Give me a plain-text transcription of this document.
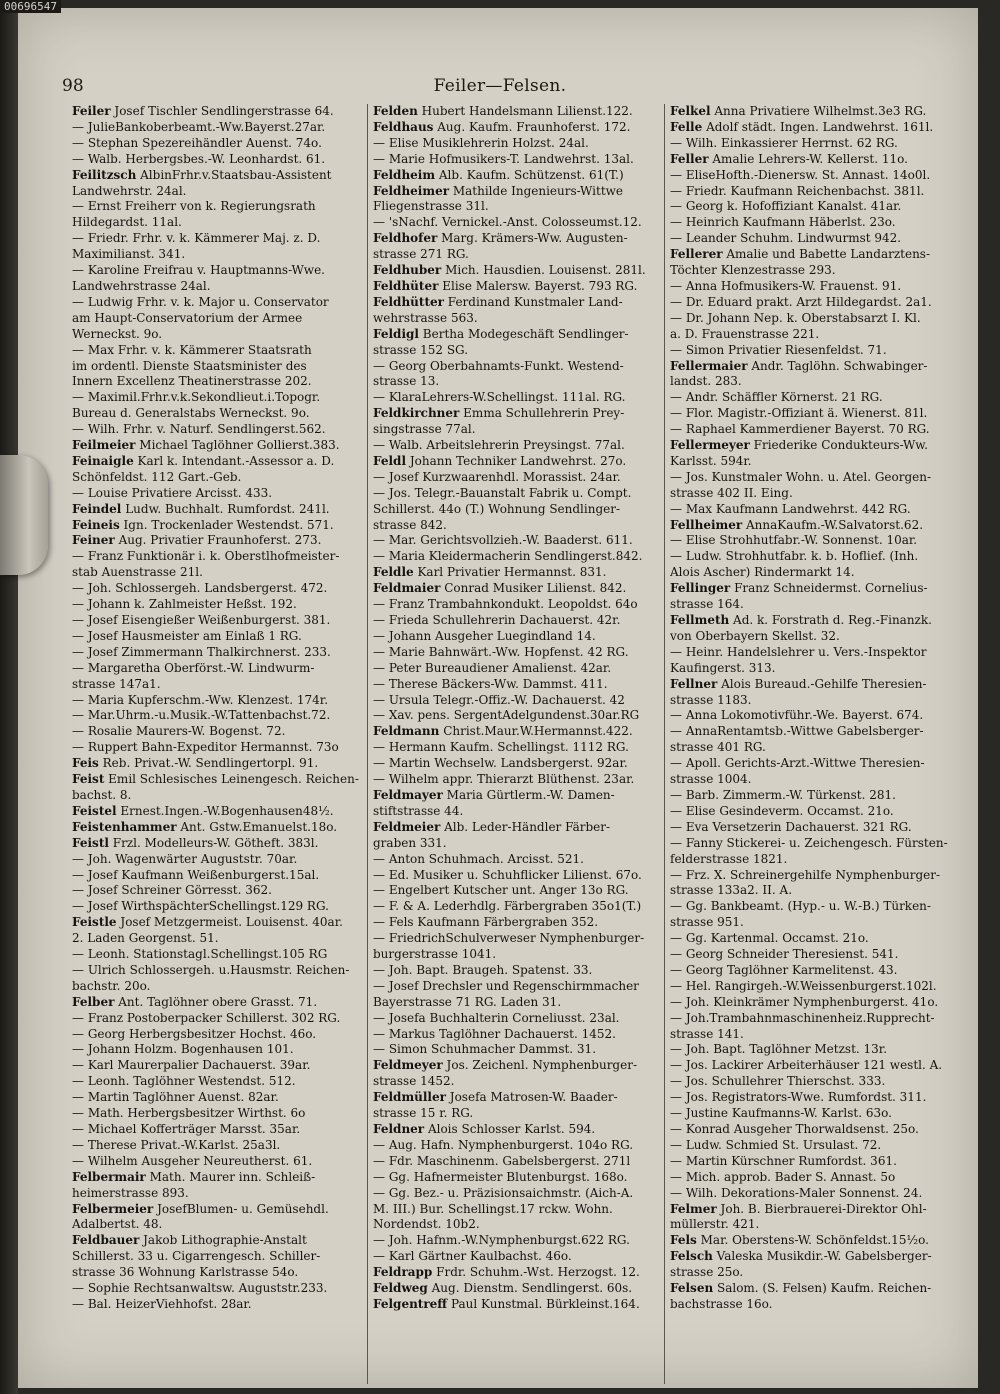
00696547
98	Feiler—Felsen.
Feiler Josef Tischler Sendlingerstrasse 64.
— JulieBankoberbeamt.-Ww.Bayerst.27ar.
— Stephan Spezereihändler Auenst. 74o.
— Walb. Herbergsbes.-W. Leonhardst. 61.
Feilitzsch AlbinFrhr.v.Staatsbau-Assistent
Landwehrstr. 24al.
— Ernst Freiherr von k. Regierungsrath
Hildegardst. 11al.
— Friedr. Frhr. v. k. Kämmerer Maj. z. D.
Maximilianst. 341.
— Karoline Freifrau v. Hauptmanns-Wwe.
Landwehrstrasse 24al.
— Ludwig Frhr. v. k. Major u. Conservator
am Haupt-Conservatorium der Armee
Werneckst. 9o.
— Max Frhr. v. k. Kämmerer Staatsrath
im ordentl. Dienste Staatsminister des
Innern Excellenz Theatinerstrasse 202.
— Maximil.Frhr.v.k.Sekondlieut.i.Topogr.
Bureau d. Generalstabs Werneckst. 9o.
— Wilh. Frhr. v. Naturf. Sendlingerst.562.
Feilmeier Michael Taglöhner Gollierst.383.
Feinaigle Karl k. Intendant.-Assessor a. D.
Schönfeldst. 112 Gart.-Geb.
— Louise Privatiere Arcisst. 433.
Feindel Ludw. Buchhalt. Rumfordst. 241l.
Feineis Ign. Trockenlader Westendst. 571.
Feiner Aug. Privatier Fraunhoferst. 273.
— Franz Funktionär i. k. Oberstlhofmeister-
stab Auenstrasse 21l.
— Joh. Schlossergeh. Landsbergerst. 472.
— Johann k. Zahlmeister Heßst. 192.
— Josef Eisengießer Weißenburgerst. 381.
— Josef Hausmeister am Einlaß 1 RG.
— Josef Zimmermann Thalkirchnerst. 233.
— Margaretha Oberförst.-W. Lindwurm-
strasse 147a1.
— Maria Kupferschm.-Ww. Klenzest. 174r.
— Mar.Uhrm.-u.Musik.-W.Tattenbachst.72.
— Rosalie Maurers-W. Bogenst. 72.
— Ruppert Bahn-Expeditor Hermannst. 73o
Feis Reb. Privat.-W. Sendlingertorpl. 91.
Feist Emil Schlesisches Leinengesch. Reichen-
bachst. 8.
Feistel Ernest.Ingen.-W.Bogenhausen48½.
Feistenhammer Ant. Gstw.Emanuelst.18o.
Feistl Frzl. Modelleurs-W. Götheft. 383l.
— Joh. Wagenwärter Auguststr. 70ar.
— Josef Kaufmann Weißenburgerst.15al.
— Josef Schreiner Görresst. 362.
— Josef WirthspächterSchellingst.129 RG.
Feistle Josef Metzgermeist. Louisenst. 40ar.
2. Laden Georgenst. 51.
— Leonh. Stationstagl.Schellingst.105 RG
— Ulrich Schlossergeh. u.Hausmstr. Reichen-
bachstr. 20o.
Felber Ant. Taglöhner obere Grasst. 71.
— Franz Postoberpacker Schillerst. 302 RG.
— Georg Herbergsbesitzer Hochst. 46o.
— Johann Holzm. Bogenhausen 101.
— Karl Maurerpalier Dachauerst. 39ar.
— Leonh. Taglöhner Westendst. 512.
— Martin Taglöhner Auenst. 82ar.
— Math. Herbergsbesitzer Wirthst. 6o
— Michael Kofferträger Marsst. 35ar.
— Therese Privat.-W.Karlst. 25a3l.
— Wilhelm Ausgeher Neureutherst. 61.
Felbermair Math. Maurer inn. Schleiß-
heimerstrasse 893.
Felbermeier JosefBlumen- u. Gemüsehdl.
Adalbertst. 48.
Feldbauer Jakob Lithographie-Anstalt
Schillerst. 33 u. Cigarrengesch. Schiller-
strasse 36 Wohnung Karlstrasse 54o.
— Sophie Rechtsanwaltsw. Auguststr.233.
— Bal. HeizerViehhofst. 28ar.
Felden Hubert Handelsmann Lilienst.122.
Feldhaus Aug. Kaufm. Fraunhoferst. 172.
— Elise Musiklehrerin Holzst. 24al.
— Marie Hofmusikers-T. Landwehrst. 13al.
Feldheim Alb. Kaufm. Schützenst. 61(T.)
Feldheimer Mathilde Ingenieurs-Wittwe
Fliegenstrasse 31l.
— 'sNachf. Vernickel.-Anst. Colosseumst.12.
Feldhofer Marg. Krämers-Ww. Augusten-
strasse 271 RG.
Feldhuber Mich. Hausdien. Louisenst. 281l.
Feldhüter Elise Malersw. Bayerst. 793 RG.
Feldhütter Ferdinand Kunstmaler Land-
wehrstrasse 563.
Feldigl Bertha Modegeschäft Sendlinger-
strasse 152 SG.
— Georg Oberbahnamts-Funkt. Westend-
strasse 13.
— KlaraLehrers-W.Schellingst. 111al. RG.
Feldkirchner Emma Schullehrerin Prey-
singstrasse 77al.
— Walb. Arbeitslehrerin Preysingst. 77al.
Feldl Johann Techniker Landwehrst. 27o.
— Josef Kurzwaarenhdl. Morassist. 24ar.
— Jos. Telegr.-Bauanstalt Fabrik u. Compt.
Schillerst. 44o (T.) Wohnung Sendlinger-
strasse 842.
— Mar. Gerichtsvollzieh.-W. Baaderst. 611.
— Maria Kleidermacherin Sendlingerst.842.
Feldle Karl Privatier Hermannst. 831.
Feldmaier Conrad Musiker Lilienst. 842.
— Franz Trambahnkondukt. Leopoldst. 64o
— Frieda Schullehrerin Dachauerst. 42r.
— Johann Ausgeher Luegindland 14.
— Marie Bahnwärt.-Ww. Hopfenst. 42 RG.
— Peter Bureaudiener Amalienst. 42ar.
— Therese Bäckers-Ww. Dammst. 411.
— Ursula Telegr.-Offiz.-W. Dachauerst. 42
— Xav. pens. SergentAdelgundenst.30ar.RG
Feldmann Christ.Maur.W.Hermannst.422.
— Hermann Kaufm. Schellingst. 1112 RG.
— Martin Wechselw. Landsbergerst. 92ar.
— Wilhelm appr. Thierarzt Blüthenst. 23ar.
Feldmayer Maria Gürtlerm.-W. Damen-
stiftstrasse 44.
Feldmeier Alb. Leder-Händler Färber-
graben 331.
— Anton Schuhmach. Arcisst. 521.
— Ed. Musiker u. Schuhflicker Lilienst. 67o.
— Engelbert Kutscher unt. Anger 13o RG.
— F. & A. Lederhdlg. Färbergraben 35o1(T.)
— Fels Kaufmann Färbergraben 352.
— FriedrichSchulverweser Nymphenburger-
burgerstrasse 1041.
— Joh. Bapt. Braugeh. Spatenst. 33.
— Josef Drechsler und Regenschirmmacher
Bayerstrasse 71 RG. Laden 31.
— Josefa Buchhalterin Corneliusst. 23al.
— Markus Taglöhner Dachauerst. 1452.
— Simon Schuhmacher Dammst. 31.
Feldmeyer Jos. Zeichenl. Nymphenburger-
strasse 1452.
Feldmüller Josefa Matrosen-W. Baader-
strasse 15 r. RG.
Feldner Alois Schlosser Karlst. 594.
— Aug. Hafn. Nymphenburgerst. 104o RG.
— Fdr. Maschinenm. Gabelsbergerst. 271l
— Gg. Hafnermeister Blutenburgst. 168o.
— Gg. Bez.- u. Präzisionsaichmstr. (Aich-A.
M. III.) Bur. Schellingst.17 rckw. Wohn.
Nordendst. 10b2.
— Joh. Hafnm.-W.Nymphenburgst.622 RG.
— Karl Gärtner Kaulbachst. 46o.
Feldrapp Frdr. Schuhm.-Wst. Herzogst. 12.
Feldweg Aug. Dienstm. Sendlingerst. 60s.
Felgentreff Paul Kunstmal. Bürkleinst.164.
Felkel Anna Privatiere Wilhelmst.3e3 RG.
Felle Adolf städt. Ingen. Landwehrst. 161l.
— Wilh. Einkassierer Herrnst. 62 RG.
Feller Amalie Lehrers-W. Kellerst. 11o.
— EliseHofth.-Dienersw. St. Annast. 14o0l.
— Friedr. Kaufmann Reichenbachst. 381l.
— Georg k. Hofoffiziant Kanalst. 41ar.
— Heinrich Kaufmann Häberlst. 23o.
— Leander Schuhm. Lindwurmst 942.
Fellerer Amalie und Babette Landarztens-
Töchter Klenzestrasse 293.
— Anna Hofmusikers-W. Frauenst. 91.
— Dr. Eduard prakt. Arzt Hildegardst. 2a1.
— Dr. Johann Nep. k. Oberstabsarzt I. Kl.
a. D. Frauenstrasse 221.
— Simon Privatier Riesenfeldst. 71.
Fellermaier Andr. Taglöhn. Schwabinger-
landst. 283.
— Andr. Schäffler Körnerst. 21 RG.
— Flor. Magistr.-Offiziant ä. Wienerst. 81l.
— Raphael Kammerdiener Bayerst. 70 RG.
Fellermeyer Friederike Condukteurs-Ww.
Karlsst. 594r.
— Jos. Kunstmaler Wohn. u. Atel. Georgen-
strasse 402 II. Eing.
— Max Kaufmann Landwehrst. 442 RG.
Fellheimer AnnaKaufm.-W.Salvatorst.62.
— Elise Strohhutfabr.-W. Sonnenst. 10ar.
— Ludw. Strohhutfabr. k. b. Hoflief. (Inh.
Alois Ascher) Rindermarkt 14.
Fellinger Franz Schneidermst. Cornelius-
strasse 164.
Fellmeth Ad. k. Forstrath d. Reg.-Finanzk.
von Oberbayern Skellst. 32.
— Heinr. Handelslehrer u. Vers.-Inspektor
Kaufingerst. 313.
Fellner Alois Bureaud.-Gehilfe Theresien-
strasse 1183.
— Anna Lokomotivführ.-We. Bayerst. 674.
— AnnaRentamtsb.-Wittwe Gabelsberger-
strasse 401 RG.
— Apoll. Gerichts-Arzt.-Wittwe Theresien-
strasse 1004.
— Barb. Zimmerm.-W. Türkenst. 281.
— Elise Gesindeverm. Occamst. 21o.
— Eva Versetzerin Dachauerst. 321 RG.
— Fanny Stickerei- u. Zeichengesch. Fürsten-
felderstrasse 1821.
— Frz. X. Schreinergehilfe Nymphenburger-
strasse 133a2. II. A.
— Gg. Bankbeamt. (Hyp.- u. W.-B.) Türken-
strasse 951.
— Gg. Kartenmal. Occamst. 21o.
— Georg Schneider Theresienst. 541.
— Georg Taglöhner Karmelitenst. 43.
— Hel. Rangirgeh.-W.Weissenburgerst.102l.
— Joh. Kleinkrämer Nymphenburgerst. 41o.
— Joh.Trambahnmaschinenheiz.Rupprecht-
strasse 141.
— Joh. Bapt. Taglöhner Metzst. 13r.
— Jos. Lackirer Arbeiterhäuser 121 westl. A.
— Jos. Schullehrer Thierschst. 333.
— Jos. Registrators-Wwe. Rumfordst. 311.
— Justine Kaufmanns-W. Karlst. 63o.
— Konrad Ausgeher Thorwaldsenst. 25o.
— Ludw. Schmied St. Ursulast. 72.
— Martin Kürschner Rumfordst. 361.
— Mich. approb. Bader S. Annast. 5o
— Wilh. Dekorations-Maler Sonnenst. 24.
Felmer Joh. B. Bierbrauerei-Direktor Ohl-
müllerstr. 421.
Fels Mar. Oberstens-W. Schönfeldst.15½o.
Felsch Valeska Musikdir.-W. Gabelsberger-
strasse 25o.
Felsen Salom. (S. Felsen) Kaufm. Reichen-
bachstrasse 16o.
